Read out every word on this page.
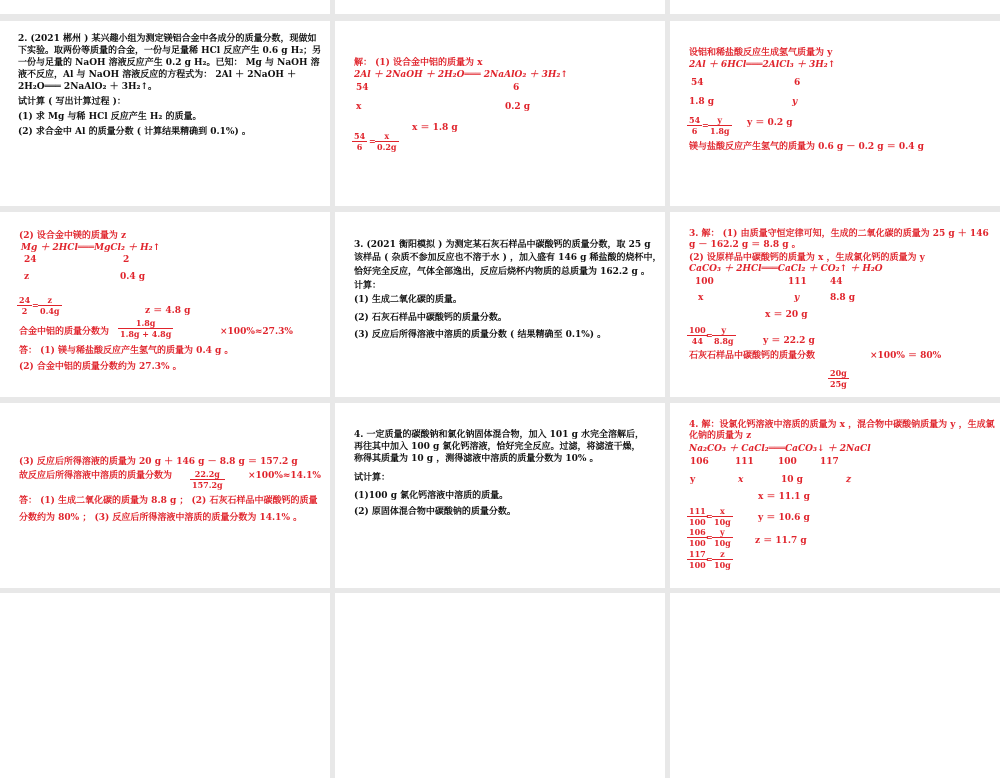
2. (2021 郴州 ) 某兴趣小组为测定镁铝合金中各成分的质量分数，现做如下实验。取两份等质量的合金，一份与足量稀 HCl 反应产生 0.6 g H₂；另一份与足量的 NaOH 溶液反应产生 0.2 g H₂。已知： Mg 与 NaOH 溶液不反应，Al 与 NaOH 溶液反应的方程式为： 2Al ＋ 2NaOH ＋ 2H₂O═══ 2NaAlO₂ ＋ 3H₂↑。
试计算 ( 写出计算过程 )：
(1) 求 Mg 与稀 HCl 反应产生 H₂ 的质量。
(2) 求合金中 Al 的质量分数 ( 计算结果精确到 0.1%) 。
解： (1) 设合金中铝的质量为 x
2Al ＋ 2NaOH ＋ 2H₂O═══ 2NaAlO₂ ＋ 3H₂↑
54	6
x	0.2 g
x ＝ 1.8 g
$\frac{54}{6} = \frac{x}{0.2g}$
设铝和稀盐酸反应生成氢气质量为 y
2Al ＋ 6HCl═══2AlCl₃ ＋ 3H₂↑
54	6
1.8 g	y
y ＝ 0.2 g
$\frac{54}{6} = \frac{y}{1.8g}$
镁与盐酸反应产生氢气的质量为 0.6 g － 0.2 g ＝ 0.4 g
(2) 设合金中镁的质量为 z
Mg ＋ 2HCl═══MgCl₂ ＋ H₂↑
24	2
z	0.4 g
$\frac{24}{2} = \frac{z}{0.4g}$	z ＝ 4.8 g
合金中铝的质量分数为 $\frac{1.8g}{1.8g + 4.8g}$	×100%≈27.3%
答： (1) 镁与稀盐酸反应产生氢气的质量为 0.4 g 。
(2) 合金中铝的质量分数约为 27.3% 。
3. (2021 衡阳模拟 ) 为测定某石灰石样品中碳酸钙的质量分数，取 25 g
该样品 ( 杂质不参加反应也不溶于水 ) ，加入盛有 146 g 稀盐酸的烧杯中，
恰好完全反应，气体全部逸出，反应后烧杯内物质的总质量为 162.2 g 。
计算：
(1) 生成二氧化碳的质量。
(2) 石灰石样品中碳酸钙的质量分数。
(3) 反应后所得溶液中溶质的质量分数 ( 结果精确至 0.1%) 。
3. 解： (1) 由质量守恒定律可知，生成的二氧化碳的质量为 25 g ＋ 146 g － 162.2 g ＝ 8.8 g 。
(2) 设原样品中碳酸钙的质量为 x ，生成氯化钙的质量为 y
CaCO₃ ＋ 2HCl═══CaCl₂ ＋ CO₂↑ ＋ H₂O
100	111	44
x	y	8.8 g
x ＝ 20 g
$\frac{100}{44}$
= $\frac{y}{8.8g}$	y ＝ 22.2 g
石灰石样品中碳酸钙的质量分数	×100% ＝ 80%
$\frac{20g}{25g}$
(3) 反应后所得溶液的质量为 20 g ＋ 146 g － 8.8 g ＝ 157.2 g
故反应后所得溶液中溶质的质量分数为 $\frac{22.2g}{157.2g}$	×100%≈14.1%
答： (1) 生成二氧化碳的质量为 8.8 g ； (2) 石灰石样品中碳酸钙的质量
分数约为 80% ； (3) 反应后所得溶液中溶质的质量分数为 14.1% 。
4. 一定质量的碳酸钠和氯化钠固体混合物，加入 101 g 水完全溶解后，
再往其中加入 100 g 氯化钙溶液，恰好完全反应。过滤，将滤渣干燥，
称得其质量为 10 g ，测得滤液中溶质的质量分数为 10% 。
试计算：
(1)100 g 氯化钙溶液中溶质的质量。
(2) 原固体混合物中碳酸钠的质量分数。
4. 解：设氯化钙溶液中溶质的质量为 x ，混合物中碳酸钠质量为 y ，生成氯化钠的质量为 z
Na₂CO₃ ＋ CaCl₂═══CaCO₃↓ ＋ 2NaCl
106	111	100	117
y	x	10 g	z
x ＝ 11.1 g
$\frac{111}{100}$
= $\frac{x}{10g}$	y ＝ 10.6 g
$\frac{106}{100}$
= $\frac{y}{10g}$ z ＝ 11.7 g
$\frac{117}{100}$
= $\frac{z}{10g}$
